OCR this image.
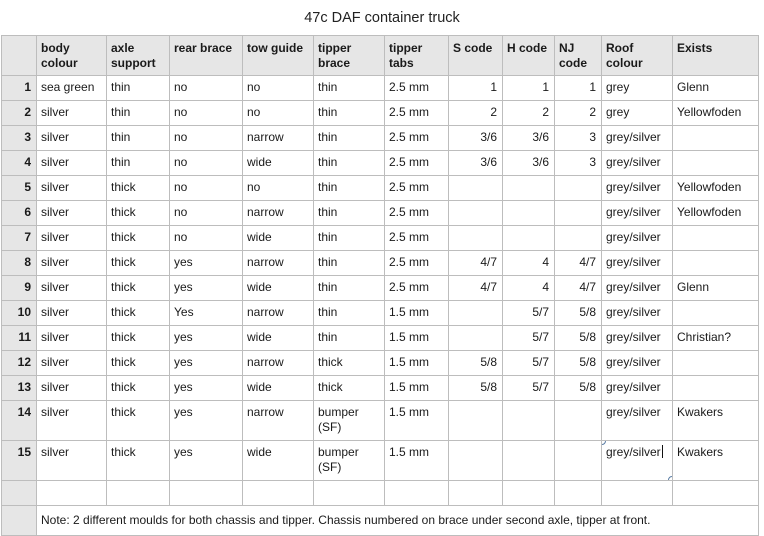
47c DAF container truck

	body colour	axle support	rear brace	tow guide	tipper brace	tipper tabs	S code	H code	NJ code	Roof colour	Exists

1	sea green	thin	no	no	thin	2.5 mm	1	1	1	grey	Glenn

2	silver	thin	no	no	thin	2.5 mm	2	2	2	grey	Yellowfoden

3	silver	thin	no	narrow	thin	2.5 mm	3/6	3/6	3	grey/silver	

4	silver	thin	no	wide	thin	2.5 mm	3/6	3/6	3	grey/silver	

5	silver	thick	no	no	thin	2.5 mm				grey/silver	Yellowfoden

6	silver	thick	no	narrow	thin	2.5 mm				grey/silver	Yellowfoden

7	silver	thick	no	wide	thin	2.5 mm				grey/silver	

8	silver	thick	yes	narrow	thin	2.5 mm	4/7	4	4/7	grey/silver	

9	silver	thick	yes	wide	thin	2.5 mm	4/7	4	4/7	grey/silver	Glenn

10	silver	thick	Yes	narrow	thin	1.5 mm		5/7	5/8	grey/silver	

11	silver	thick	yes	wide	thin	1.5 mm		5/7	5/8	grey/silver	Christian?

12	silver	thick	yes	narrow	thick	1.5 mm	5/8	5/7	5/8	grey/silver	

13	silver	thick	yes	wide	thick	1.5 mm	5/8	5/7	5/8	grey/silver	

14	silver	thick	yes	narrow	bumper (SF)	1.5 mm				grey/silver	Kwakers

15	silver	thick	yes	wide	bumper (SF)	1.5 mm				grey/silver	Kwakers

	Note: 2 different moulds for both chassis and tipper. Chassis numbered on brace under second axle, tipper at front.										
